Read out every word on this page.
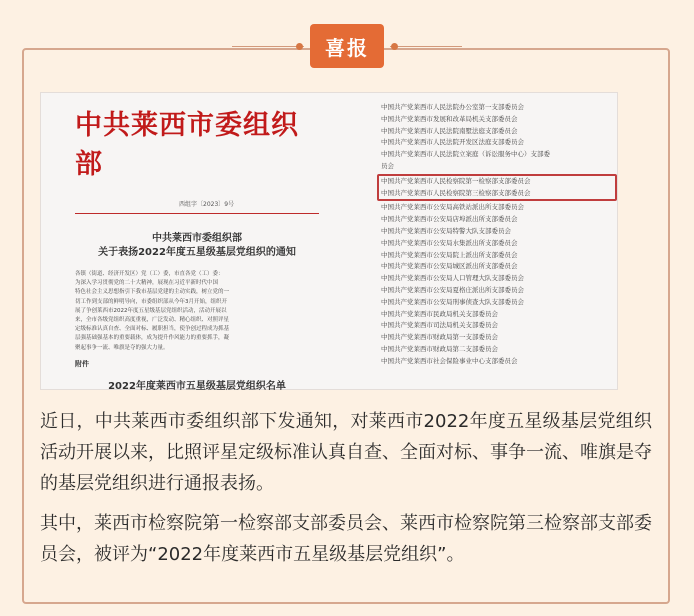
喜报
中共莱西市委组织部
西组字〔2023〕9号
中共莱西市委组织部
关于表扬2022年度五星级基层党组织的通知
各镇（街道、经济开发区）党（工）委，市直各党（工）委：
为深入学习贯彻党的二十大精神，展现在习近平新时代中国
特色社会主义思想指引下我市基层党建的主动实践，树立党的一
切工作到支部的鲜明导向，市委组织部从今年3月开始，组织开
展了争创莱西市2022年度五星级基层党组织活动，活动开展以
来，全市各级党组织高度重视，广泛发动、精心组织、对照评星
定级标准认真自查、全面对标、履职担当，使争创过程成为抓基
层强基础强基本的重要载体，成为提升作风能力的重要抓手，凝
聚起事争一流、唯旗是夺的强大力量。
附件
2022年度莱西市五星级基层党组织名单
中国共产党莱西市人民法院办公室第一支部委员会
中国共产党莱西市发展和改革局机关支部委员会
中国共产党莱西市人民法院南墅法庭支部委员会
中国共产党莱西市人民法院开发区法庭支部委员会
中国共产党莱西市人民法院立案庭（诉讼服务中心）支部委
员会
中国共产党莱西市人民检察院第一检察部支部委员会
中国共产党莱西市人民检察院第三检察部支部委员会
中国共产党莱西市公安局高铁站派出所支部委员会
中国共产党莱西市公安局店埠派出所支部委员会
中国共产党莱西市公安局特警大队支部委员会
中国共产党莱西市公安局水集派出所支部委员会
中国共产党莱西市公安局院上派出所支部委员会
中国共产党莱西市公安局城区派出所支部委员会
中国共产党莱西市公安局人口管理大队支部委员会
中国共产党莱西市公安局夏格庄派出所支部委员会
中国共产党莱西市公安局刑事侦查大队支部委员会
中国共产党莱西市民政局机关支部委员会
中国共产党莱西市司法局机关支部委员会
中国共产党莱西市财政局第一支部委员会
中国共产党莱西市财政局第二支部委员会
中国共产党莱西市社会保险事业中心支部委员会
近日，中共莱西市委组织部下发通知，对莱西市2022年度五星级基层党组织活动开展以来，比照评星定级标准认真自查、全面对标、事争一流、唯旗是夺的基层党组织进行通报表扬。
其中，莱西市检察院第一检察部支部委员会、莱西市检察院第三检察部支部委员会，被评为“2022年度莱西市五星级基层党组织”。
